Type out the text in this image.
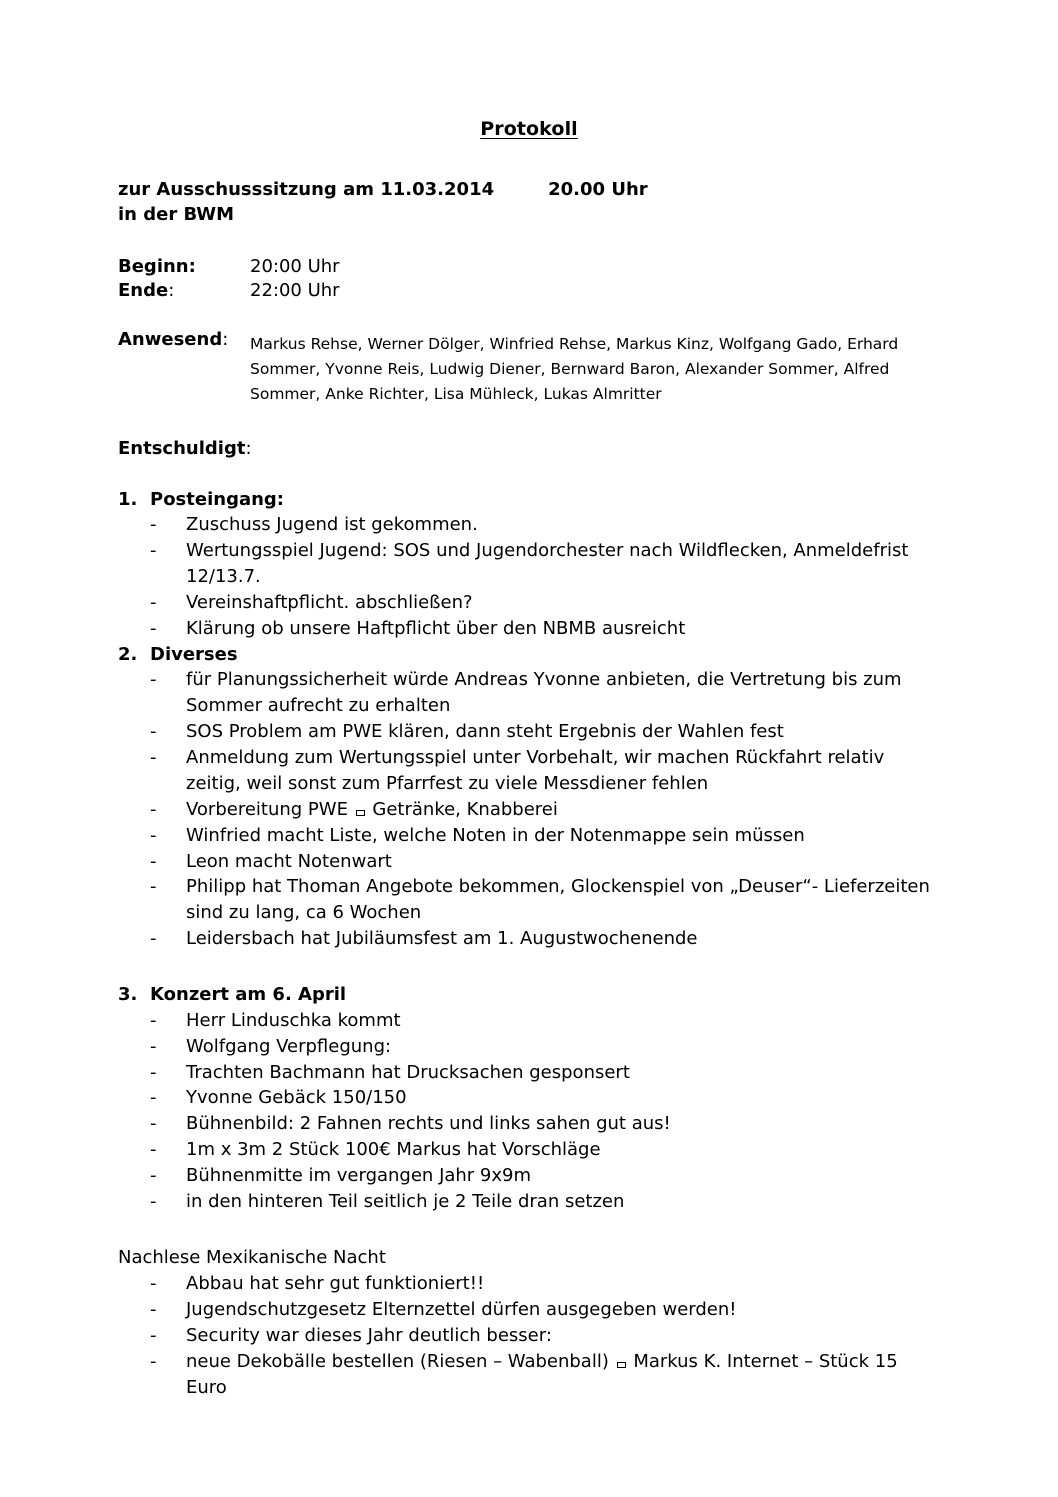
Protokoll
zur Ausschusssitzung am 11.03.2014	20.00 Uhr
in der BWM
Beginn:	20:00 Uhr
Ende:	22:00 Uhr
Anwesend:	Markus Rehse, Werner Dölger, Winfried Rehse, Markus Kinz, Wolfgang Gado, Erhard Sommer, Yvonne Reis, Ludwig Diener, Bernward Baron, Alexander Sommer, Alfred Sommer, Anke Richter, Lisa Mühleck, Lukas Almritter
Entschuldigt:
1. Posteingang:
-	Zuschuss Jugend ist gekommen.
-	Wertungsspiel Jugend: SOS und Jugendorchester nach Wildflecken, Anmeldefrist 12/13.7.
-	Vereinshaftpflicht. abschließen?
-	Klärung ob unsere Haftpflicht über den NBMB ausreicht
2. Diverses
-	für Planungssicherheit würde Andreas Yvonne anbieten, die Vertretung bis zum Sommer aufrecht zu erhalten
-	SOS Problem am PWE klären, dann steht Ergebnis der Wahlen fest
-	Anmeldung zum Wertungsspiel unter Vorbehalt, wir machen Rückfahrt relativ zeitig, weil sonst zum Pfarrfest zu viele Messdiener fehlen
-	Vorbereitung PWE  Getränke, Knabberei
-	Winfried macht Liste, welche Noten in der Notenmappe sein müssen
-	Leon macht Notenwart
-	Philipp hat Thoman Angebote bekommen, Glockenspiel von „Deuser“- Lieferzeiten sind zu lang, ca 6 Wochen
-	Leidersbach hat Jubiläumsfest am 1. Augustwochenende
3. Konzert am 6. April
-	Herr Linduschka kommt
-	Wolfgang Verpflegung:
-	Trachten Bachmann hat Drucksachen gesponsert
-	Yvonne Gebäck 150/150
-	Bühnenbild: 2 Fahnen rechts und links sahen gut aus!
-	1m x 3m 2 Stück 100€ Markus hat Vorschläge
-	Bühnenmitte im vergangen Jahr 9x9m
-	in den hinteren Teil seitlich je 2 Teile dran setzen
Nachlese Mexikanische Nacht
-	Abbau hat sehr gut funktioniert!!
-	Jugendschutzgesetz Elternzettel dürfen ausgegeben werden!
-	Security war dieses Jahr deutlich besser:
-	neue Dekobälle bestellen (Riesen – Wabenball)  Markus K. Internet – Stück 15 Euro
